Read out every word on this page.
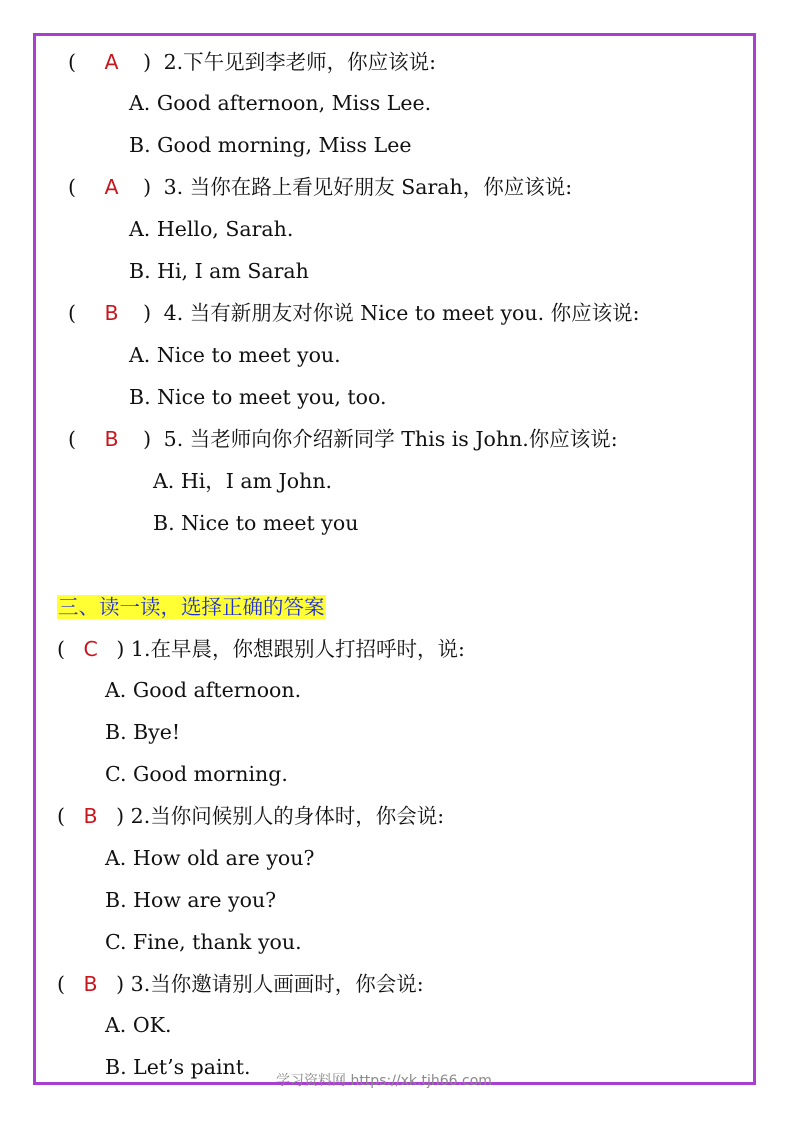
( A ) 2.下午见到李老师，你应该说:
A. Good afternoon, Miss Lee.
B. Good morning, Miss Lee
( A ) 3. 当你在路上看见好朋友 Sarah，你应该说:
A. Hello, Sarah.
B. Hi, I am Sarah
( B ) 4. 当有新朋友对你说 Nice to meet you. 你应该说:
A. Nice to meet you.
B. Nice to meet you, too.
( B ) 5. 当老师向你介绍新同学 This is John.你应该说:
A. Hi，I am John.
B. Nice to meet you
三、读一读，选择正确的答案
( C ) 1.在早晨，你想跟别人打招呼时，说:
A. Good afternoon.
B. Bye!
C. Good morning.
( B ) 2.当你问候别人的身体时，你会说:
A. How old are you?
B. How are you?
C. Fine, thank you.
( B ) 3.当你邀请别人画画时，你会说:
A. OK.
B. Let’s paint.
学习资料网 https://xk.tjh66.com
